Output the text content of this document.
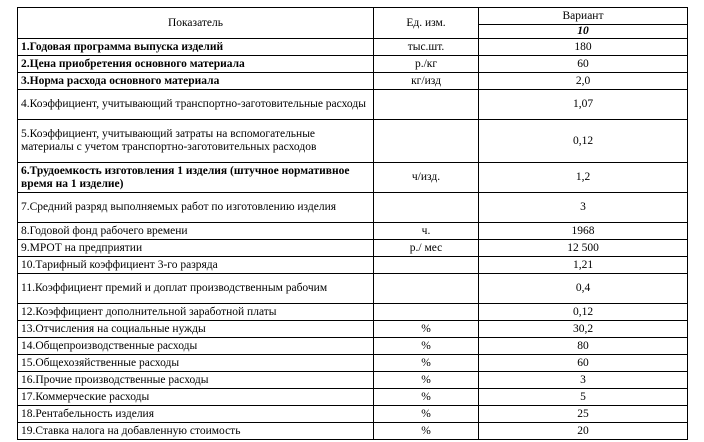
Показатель	Ед. изм.	Вариант
		10
1.Годовая программа выпуска изделий	тыс.шт.	180
2.Цена приобретения основного материала	р./кг	60
3.Норма расхода основного материала	кг/изд	2,0
4.Коэффициент, учитывающий транспортно-заготовительные расходы		1,07
5.Коэффициент, учитывающий затраты на вспомогательные материалы с учетом транспортно-заготовительных расходов		0,12
6.Трудоемкость изготовления 1 изделия (штучное нормативное время на 1 изделие)	ч/изд.	1,2
7.Средний разряд выполняемых работ по изготовлению изделия		3
8.Годовой фонд рабочего времени	ч.	1968
9.МРОТ на предприятии	р./ мес	12 500
10.Тарифный коэффициент 3-го разряда		1,21
11.Коэффициент премий и доплат производственным рабочим		0,4
12.Коэффициент дополнительной заработной платы		0,12
13.Отчисления на социальные нужды	%	30,2
14.Общепроизводственные расходы	%	80
15.Общехозяйственные расходы	%	60
16.Прочие производственные расходы	%	3
17.Коммерческие расходы	%	5
18.Рентабельность изделия	%	25
19.Ставка налога на добавленную стоимость	%	20
